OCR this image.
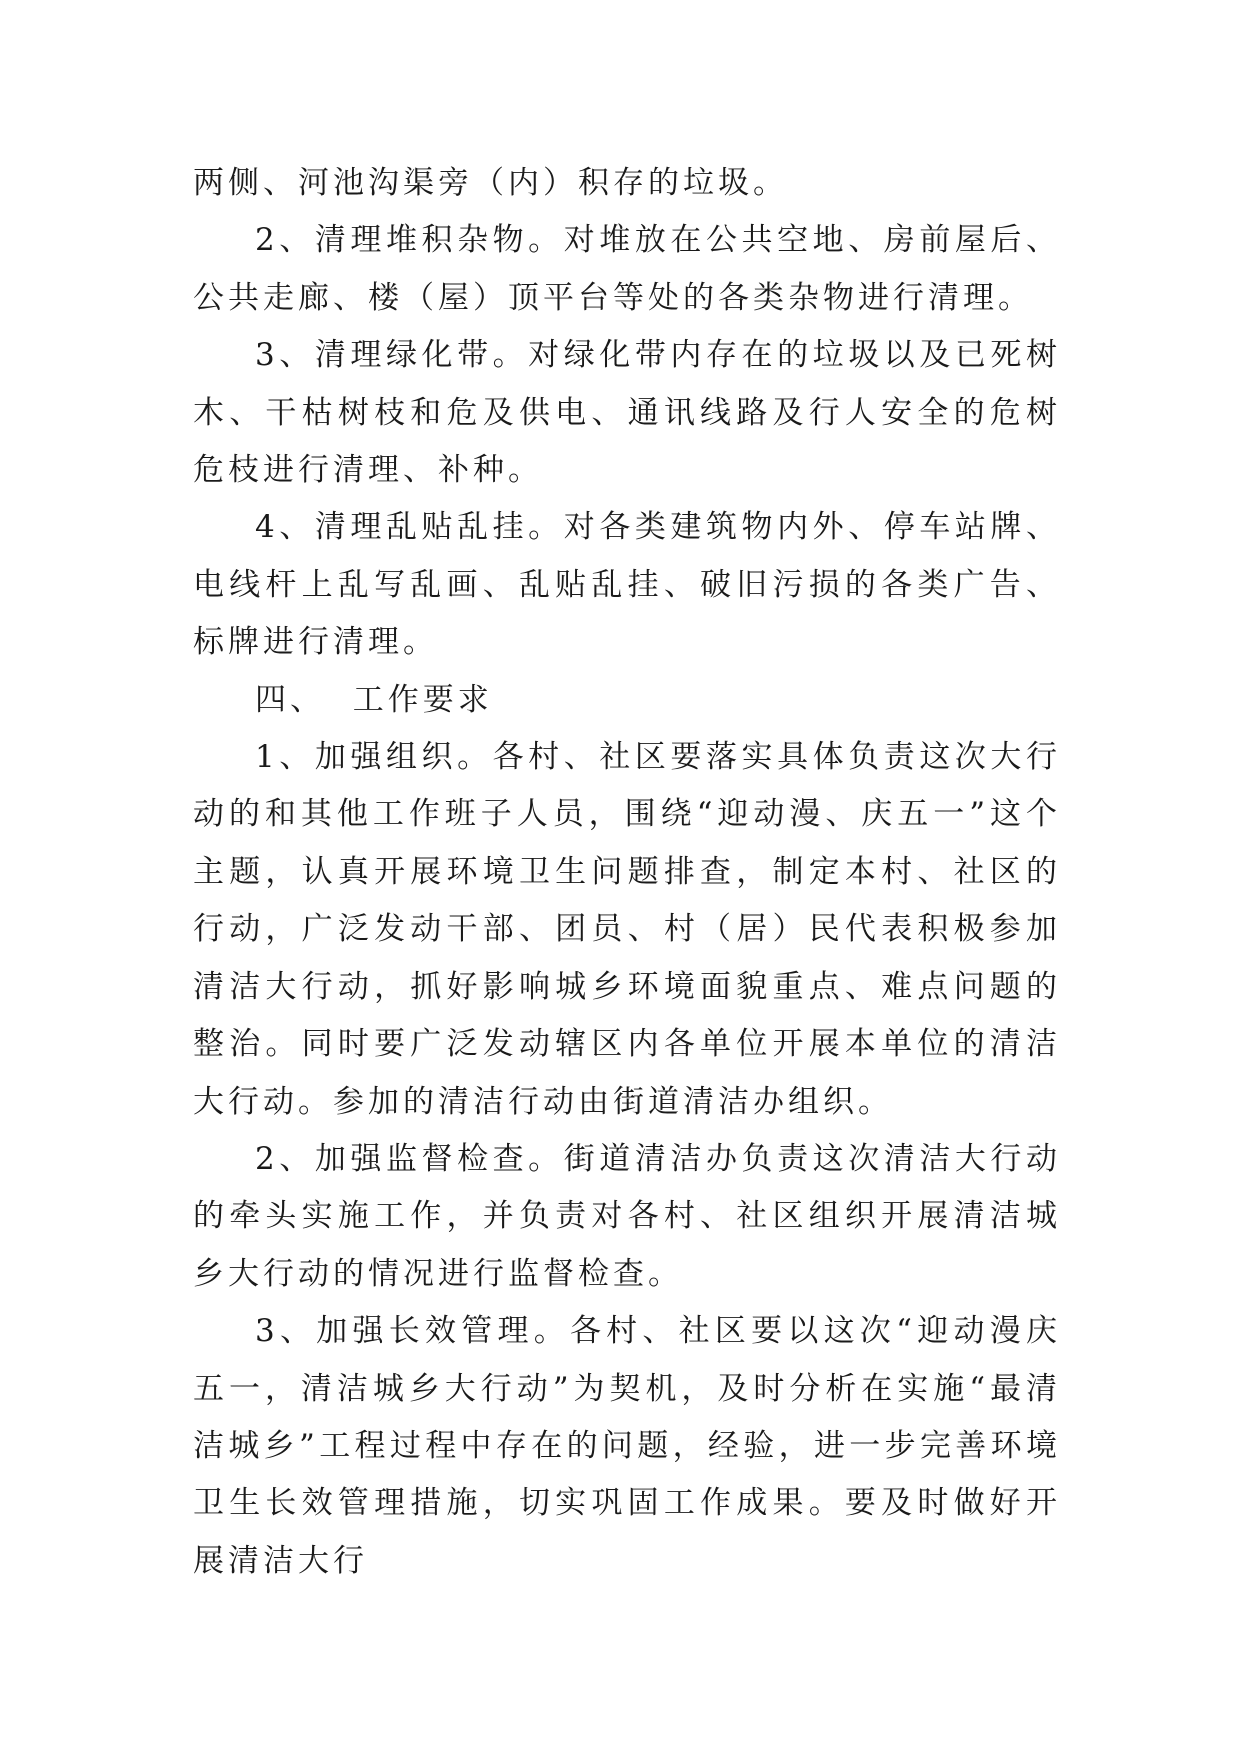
两侧、河池沟渠旁（内）积存的垃圾。

2、清理堆积杂物。对堆放在公共空地、房前屋后、公共走廊、楼（屋）顶平台等处的各类杂物进行清理。

3、清理绿化带。对绿化带内存在的垃圾以及已死树木、干枯树枝和危及供电、通讯线路及行人安全的危树危枝进行清理、补种。

4、清理乱贴乱挂。对各类建筑物内外、停车站牌、电线杆上乱写乱画、乱贴乱挂、破旧污损的各类广告、标牌进行清理。

四、  工作要求

1、加强组织。各村、社区要落实具体负责这次大行动的和其他工作班子人员，围绕“迎动漫、庆五一”这个主题，认真开展环境卫生问题排查，制定本村、社区的行动，广泛发动干部、团员、村（居）民代表积极参加清洁大行动，抓好影响城乡环境面貌重点、难点问题的整治。同时要广泛发动辖区内各单位开展本单位的清洁大行动。参加的清洁行动由街道清洁办组织。

2、加强监督检查。街道清洁办负责这次清洁大行动的牵头实施工作，并负责对各村、社区组织开展清洁城乡大行动的情况进行监督检查。

3、加强长效管理。各村、社区要以这次“迎动漫庆五一，清洁城乡大行动”为契机，及时分析在实施“最清洁城乡”工程过程中存在的问题，经验，进一步完善环境卫生长效管理措施，切实巩固工作成果。要及时做好开展清洁大行
